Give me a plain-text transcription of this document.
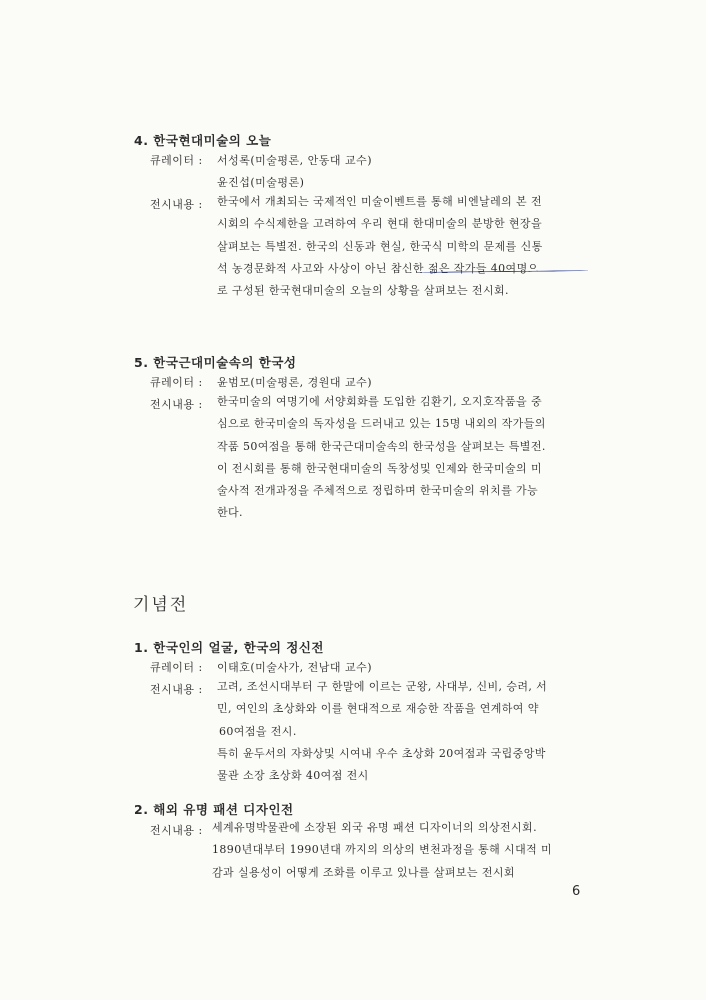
4. 한국현대미술의 오늘
큐레이터 : 서성록(미술평론, 안동대 교수)
윤진섭(미술평론)
전시내용 : 한국에서 개최되는 국제적인 미술이벤트를 통해 비엔날레의 본 전
시회의 수식제한을 고려하여 우리 현대 한대미술의 분방한 현장을
살펴보는 특별전. 한국의 신동과 현실, 한국식 미학의 문제를 신통
석 농경문화적 사고와 사상이 아닌 참신한 젊은 작가들 40여명으
로 구성된 한국현대미술의 오늘의 상황을 살펴보는 전시회.
5. 한국근대미술속의 한국성
큐레이터 : 윤범모(미술평론, 경원대 교수)
전시내용 : 한국미술의 여명기에 서양회화를 도입한 김환기, 오지호작품을 중
심으로 한국미술의 독자성을 드러내고 있는 15명 내외의 작가들의
작품 50여점을 통해 한국근대미술속의 한국성을 살펴보는 특별전.
이 전시회를 통해 한국현대미술의 독창성및 인제와 한국미술의 미
술사적 전개과정을 주체적으로 정립하며 한국미술의 위치를 가능
한다.
기념전
1. 한국인의 얼굴, 한국의 정신전
큐레이터 : 이태호(미술사가, 전남대 교수)
전시내용 : 고려, 조선시대부터 구 한말에 이르는 군왕, 사대부, 신비, 승려, 서
민, 여인의 초상화와 이를 현대적으로 재승한 작품을 연계하여 약
60여점을 전시.
특히 윤두서의 자화상및 시여내 우수 초상화 20여점과 국립중앙박
물관 소장 초상화 40여점 전시
2. 해외 유명 패션 디자인전
전시내용 : 세계유명박물관에 소장된 외국 유명 패션 디자이너의 의상전시회.
1890년대부터 1990년대 까지의 의상의 변천과정을 통해 시대적 미
감과 실용성이 어떻게 조화를 이루고 있나를 살펴보는 전시회
6
